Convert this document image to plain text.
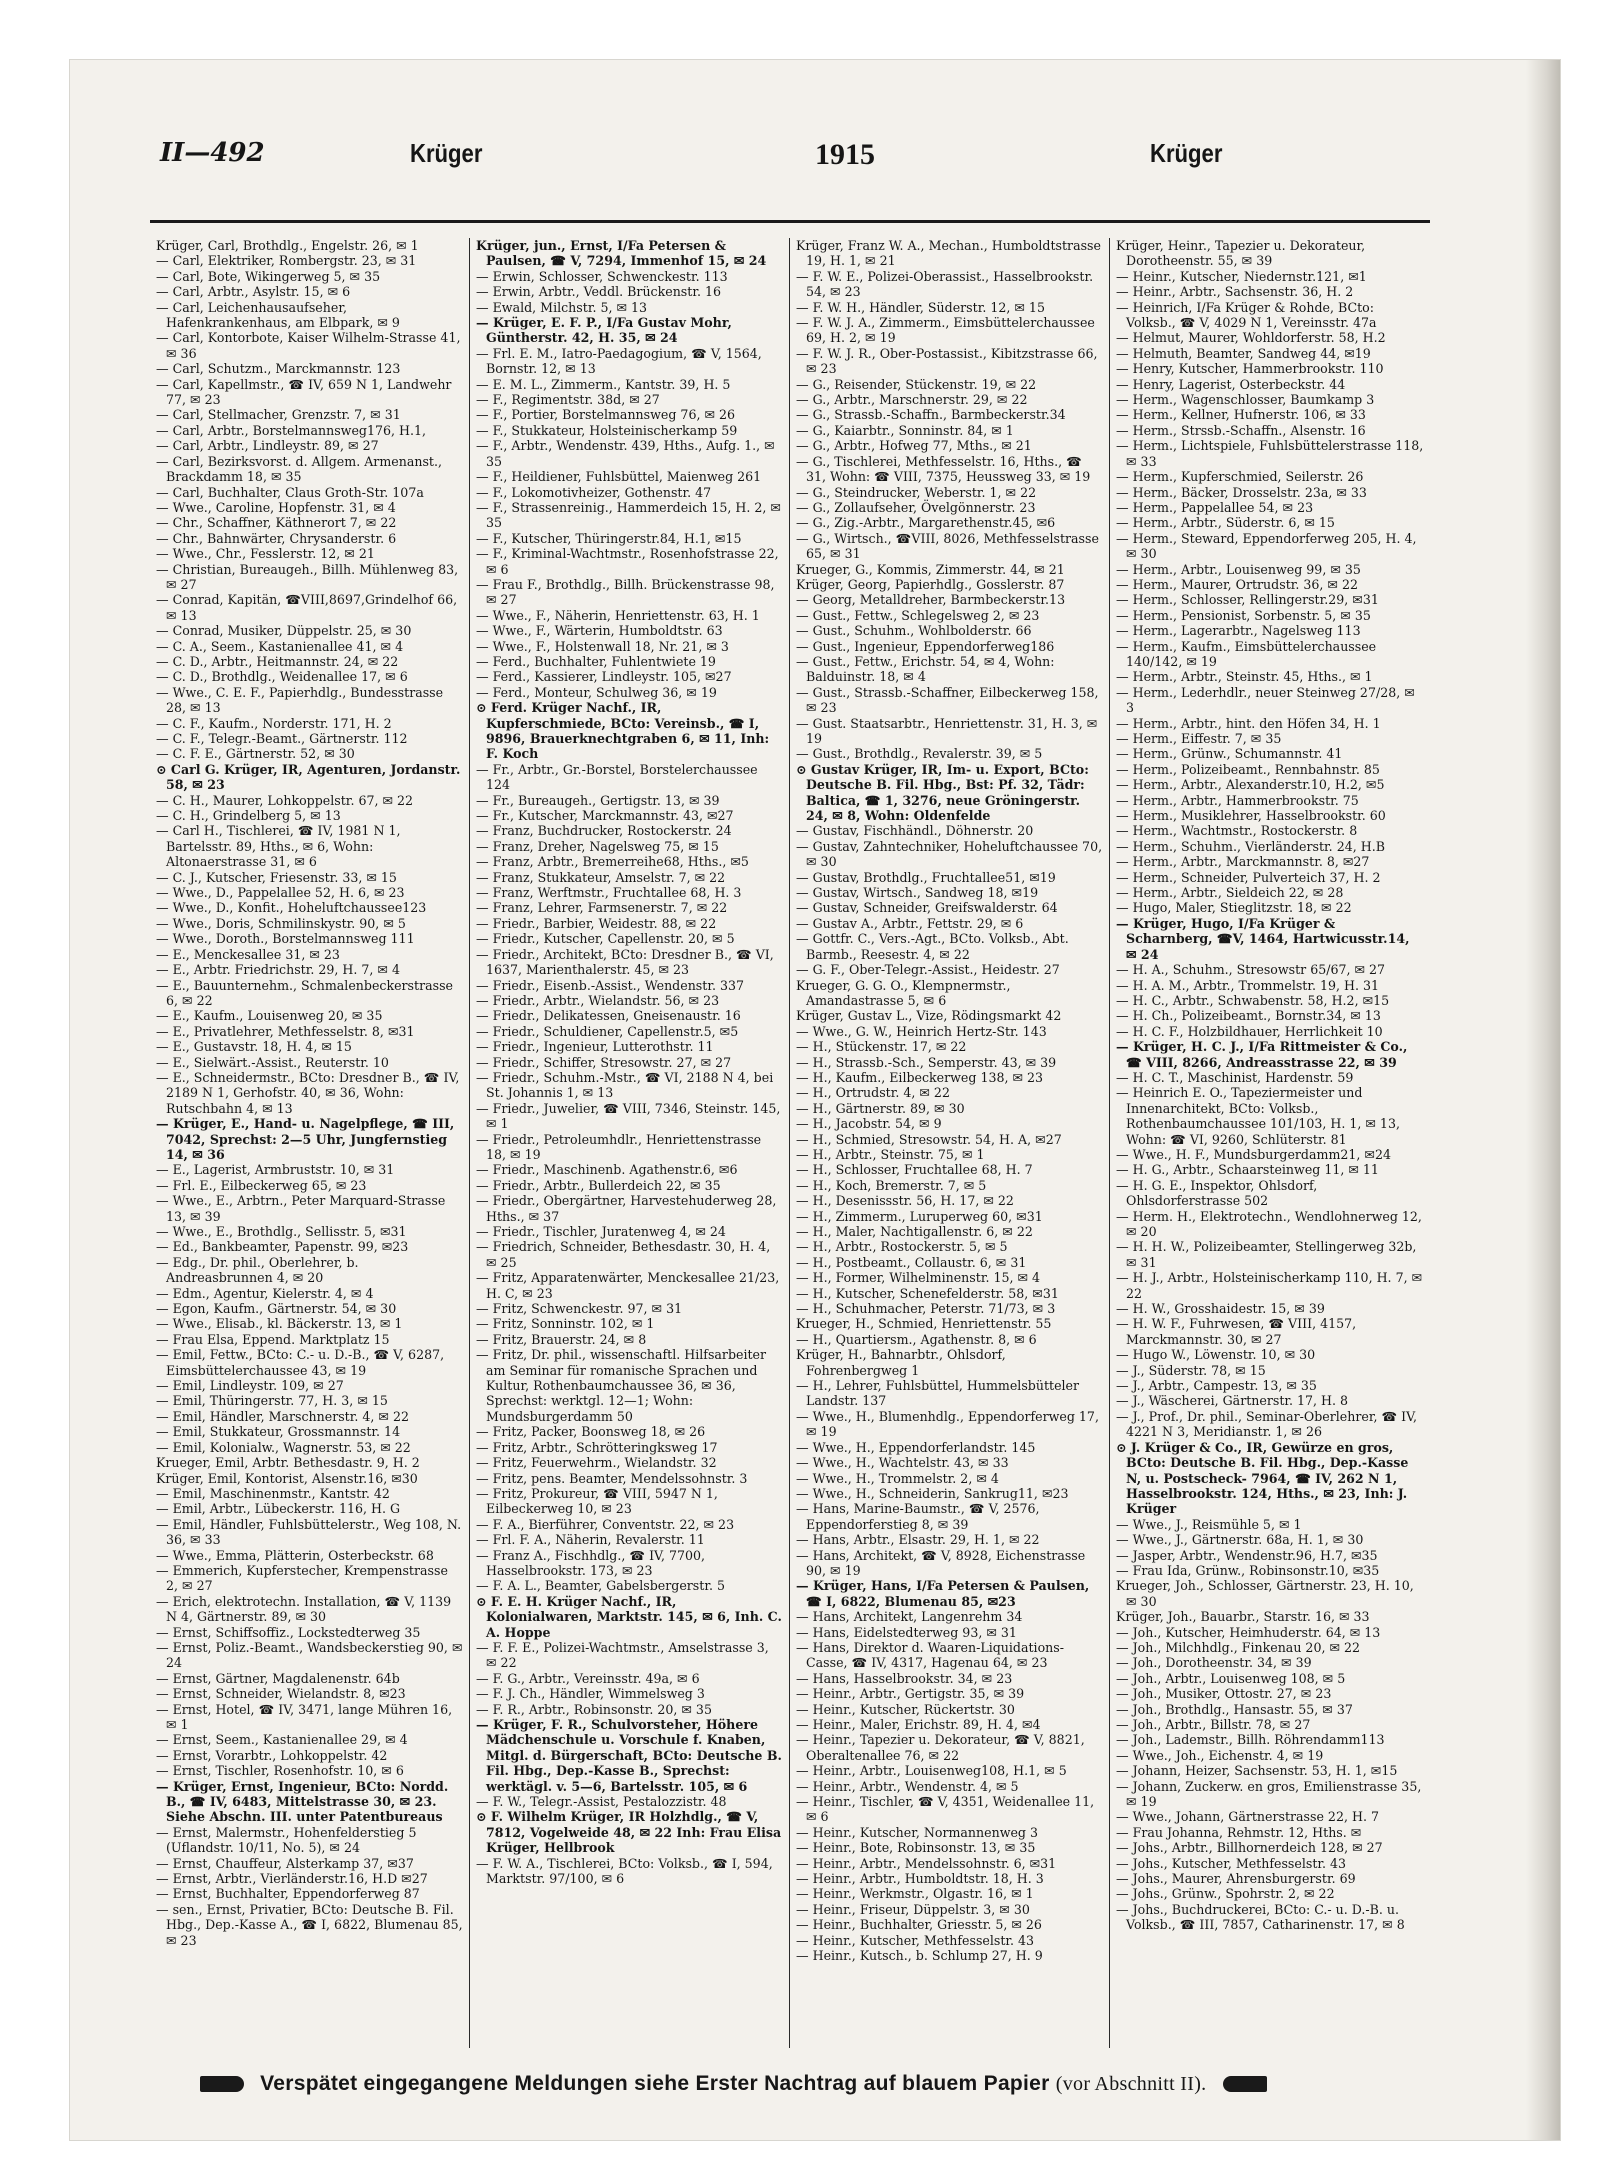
II—492	Krüger	1915	Krüger

Krüger, Carl, Brothdlg., Engelstr. 26, ✉ 1

— Carl, Elektriker, Rombergstr. 23, ✉ 31

— Carl, Bote, Wikingerweg 5, ✉ 35

— Carl, Arbtr., Asylstr. 15, ✉ 6

— Carl, Leichenhausaufseher, Hafenkrankenhaus, am Elbpark, ✉ 9

— Carl, Kontorbote, Kaiser Wilhelm-Strasse 41, ✉ 36

— Carl, Schutzm., Marckmannstr. 123

— Carl, Kapellmstr., ☎ IV, 659 N 1, Landwehr 77, ✉ 23

— Carl, Stellmacher, Grenzstr. 7, ✉ 31

— Carl, Arbtr., Borstelmannsweg176, H.1,

— Carl, Arbtr., Lindleystr. 89, ✉ 27

— Carl, Bezirksvorst. d. Allgem. Armenanst., Brackdamm 18, ✉ 35

— Carl, Buchhalter, Claus Groth-Str. 107a

— Wwe., Caroline, Hopfenstr. 31, ✉ 4

— Chr., Schaffner, Käthnerort 7, ✉ 22

— Chr., Bahnwärter, Chrysanderstr. 6

— Wwe., Chr., Fesslerstr. 12, ✉ 21

— Christian, Bureaugeh., Billh. Mühlenweg 83, ✉ 27

— Conrad, Kapitän, ☎VIII,8697,Grindelhof 66, ✉ 13

— Conrad, Musiker, Düppelstr. 25, ✉ 30

— C. A., Seem., Kastanienallee 41, ✉ 4

— C. D., Arbtr., Heitmannstr. 24, ✉ 22

— C. D., Brothdlg., Weidenallee 17, ✉ 6

— Wwe., C. E. F., Papierhdlg., Bundesstrasse 28, ✉ 13

— C. F., Kaufm., Norderstr. 171, H. 2

— C. F., Telegr.-Beamt., Gärtnerstr. 112

— C. F. E., Gärtnerstr. 52, ✉ 30

⊙ Carl G. Krüger, IR, Agenturen, Jordanstr. 58, ✉ 23

— C. H., Maurer, Lohkoppelstr. 67, ✉ 22

— C. H., Grindelberg 5, ✉ 13

— Carl H., Tischlerei, ☎ IV, 1981 N 1, Bartelsstr. 89, Hths., ✉ 6, Wohn: Altonaerstrasse 31, ✉ 6

— C. J., Kutscher, Friesenstr. 33, ✉ 15

— Wwe., D., Pappelallee 52, H. 6, ✉ 23

— Wwe., D., Konfit., Hoheluftchaussee123

— Wwe., Doris, Schmilinskystr. 90, ✉ 5

— Wwe., Doroth., Borstelmannsweg 111

— E., Menckesallee 31, ✉ 23

— E., Arbtr. Friedrichstr. 29, H. 7, ✉ 4

— E., Bauunternehm., Schmalenbeckerstrasse 6, ✉ 22

— E., Kaufm., Louisenweg 20, ✉ 35

— E., Privatlehrer, Methfesselstr. 8, ✉31

— E., Gustavstr. 18, H. 4, ✉ 15

— E., Sielwärt.-Assist., Reuterstr. 10

— E., Schneidermstr., BCto: Dresdner B., ☎ IV, 2189 N 1, Gerhofstr. 40, ✉ 36, Wohn: Rutschbahn 4, ✉ 13

— Krüger, E., Hand- u. Nagelpflege, ☎ III, 7042, Sprechst: 2—5 Uhr, Jungfernstieg 14, ✉ 36

— E., Lagerist, Armbruststr. 10, ✉ 31

— Frl. E., Eilbeckerweg 65, ✉ 23

— Wwe., E., Arbtrn., Peter Marquard-Strasse 13, ✉ 39

— Wwe., E., Brothdlg., Sellisstr. 5, ✉31

— Ed., Bankbeamter, Papenstr. 99, ✉23

— Edg., Dr. phil., Oberlehrer, b. Andreasbrunnen 4, ✉ 20

— Edm., Agentur, Kielerstr. 4, ✉ 4

— Egon, Kaufm., Gärtnerstr. 54, ✉ 30

— Wwe., Elisab., kl. Bäckerstr. 13, ✉ 1

— Frau Elsa, Eppend. Marktplatz 15

— Emil, Fettw., BCto: C.- u. D.-B., ☎ V, 6287, Eimsbüttelerchaussee 43, ✉ 19

— Emil, Lindleystr. 109, ✉ 27

— Emil, Thüringerstr. 77, H. 3, ✉ 15

— Emil, Händler, Marschnerstr. 4, ✉ 22

— Emil, Stukkateur, Grossmannstr. 14

— Emil, Kolonialw., Wagnerstr. 53, ✉ 22

Krueger, Emil, Arbtr. Bethesdastr. 9, H. 2

Krüger, Emil, Kontorist, Alsenstr.16, ✉30

— Emil, Maschinenmstr., Kantstr. 42

— Emil, Arbtr., Lübeckerstr. 116, H. G

— Emil, Händler, Fuhlsbüttelerstr., Weg 108, N. 36, ✉ 33

— Wwe., Emma, Plätterin, Osterbeckstr. 68

— Emmerich, Kupferstecher, Krempenstrasse 2, ✉ 27

— Erich, elektrotechn. Installation, ☎ V, 1139 N 4, Gärtnerstr. 89, ✉ 30

— Ernst, Schiffsoffiz., Lockstedterweg 35

— Ernst, Poliz.-Beamt., Wandsbeckerstieg 90, ✉ 24

— Ernst, Gärtner, Magdalenenstr. 64b

— Ernst, Schneider, Wielandstr. 8, ✉23

— Ernst, Hotel, ☎ IV, 3471, lange Mühren 16, ✉ 1

— Ernst, Seem., Kastanienallee 29, ✉ 4

— Ernst, Vorarbtr., Lohkoppelstr. 42

— Ernst, Tischler, Rosenhofstr. 10, ✉ 6

— Krüger, Ernst, Ingenieur, BCto: Nordd. B., ☎ IV, 6483, Mittelstrasse 30, ✉ 23. Siehe Abschn. III. unter Patentbureaus

— Ernst, Malermstr., Hohenfelderstieg 5 (Uflandstr. 10/11, No. 5), ✉ 24

— Ernst, Chauffeur, Alsterkamp 37, ✉37

— Ernst, Arbtr., Vierländerstr.16, H.D ✉27

— Ernst, Buchhalter, Eppendorferweg 87

— sen., Ernst, Privatier, BCto: Deutsche B. Fil. Hbg., Dep.-Kasse A., ☎ I, 6822, Blumenau 85, ✉ 23

Krüger, jun., Ernst, I/Fa Petersen & Paulsen, ☎ V, 7294, Immenhof 15, ✉ 24

— Erwin, Schlosser, Schwenckestr. 113

— Erwin, Arbtr., Veddl. Brückenstr. 16

— Ewald, Milchstr. 5, ✉ 13

— Krüger, E. F. P., I/Fa Gustav Mohr, Güntherstr. 42, H. 35, ✉ 24

— Frl. E. M., Iatro-Paedagogium, ☎ V, 1564, Bornstr. 12, ✉ 13

— E. M. L., Zimmerm., Kantstr. 39, H. 5

— F., Regimentstr. 38d, ✉ 27

— F., Portier, Borstelmannsweg 76, ✉ 26

— F., Stukkateur, Holsteinischerkamp 59

— F., Arbtr., Wendenstr. 439, Hths., Aufg. 1., ✉ 35

— F., Heildiener, Fuhlsbüttel, Maienweg 261

— F., Lokomotivheizer, Gothenstr. 47

— F., Strassenreinig., Hammerdeich 15, H. 2, ✉ 35

— F., Kutscher, Thüringerstr.84, H.1, ✉15

— F., Kriminal-Wachtmstr., Rosenhofstrasse 22, ✉ 6

— Frau F., Brothdlg., Billh. Brückenstrasse 98, ✉ 27

— Wwe., F., Näherin, Henriettenstr. 63, H. 1

— Wwe., F., Wärterin, Humboldtstr. 63

— Wwe., F., Holstenwall 18, Nr. 21, ✉ 3

— Ferd., Buchhalter, Fuhlentwiete 19

— Ferd., Kassierer, Lindleystr. 105, ✉27

— Ferd., Monteur, Schulweg 36, ✉ 19

⊙ Ferd. Krüger Nachf., IR, Kupferschmiede, BCto: Vereinsb., ☎ I, 9896, Brauerknechtgraben 6, ✉ 11, Inh: F. Koch

— Fr., Arbtr., Gr.-Borstel, Borstelerchaussee 124

— Fr., Bureaugeh., Gertigstr. 13, ✉ 39

— Fr., Kutscher, Marckmannstr. 43, ✉27

— Franz, Buchdrucker, Rostockerstr. 24

— Franz, Dreher, Nagelsweg 75, ✉ 15

— Franz, Arbtr., Bremerreihe68, Hths., ✉5

— Franz, Stukkateur, Amselstr. 7, ✉ 22

— Franz, Werftmstr., Fruchtallee 68, H. 3

— Franz, Lehrer, Farmsenerstr. 7, ✉ 22

— Friedr., Barbier, Weidestr. 88, ✉ 22

— Friedr., Kutscher, Capellenstr. 20, ✉ 5

— Friedr., Architekt, BCto: Dresdner B., ☎ VI, 1637, Marienthalerstr. 45, ✉ 23

— Friedr., Eisenb.-Assist., Wendenstr. 337

— Friedr., Arbtr., Wielandstr. 56, ✉ 23

— Friedr., Delikatessen, Gneisenaustr. 16

— Friedr., Schuldiener, Capellenstr.5, ✉5

— Friedr., Ingenieur, Lutterothstr. 11

— Friedr., Schiffer, Stresowstr. 27, ✉ 27

— Friedr., Schuhm.-Mstr., ☎ VI, 2188 N 4, bei St. Johannis 1, ✉ 13

— Friedr., Juwelier, ☎ VIII, 7346, Steinstr. 145, ✉ 1

— Friedr., Petroleumhdlr., Henriettenstrasse 18, ✉ 19

— Friedr., Maschinenb. Agathenstr.6, ✉6

— Friedr., Arbtr., Bullerdeich 22, ✉ 35

— Friedr., Obergärtner, Harvestehuderweg 28, Hths., ✉ 37

— Friedr., Tischler, Juratenweg 4, ✉ 24

— Friedrich, Schneider, Bethesdastr. 30, H. 4, ✉ 25

— Fritz, Apparatenwärter, Menckesallee 21/23, H. C, ✉ 23

— Fritz, Schwenckestr. 97, ✉ 31

— Fritz, Sonninstr. 102, ✉ 1

— Fritz, Brauerstr. 24, ✉ 8

— Fritz, Dr. phil., wissenschaftl. Hilfsarbeiter am Seminar für romanische Sprachen und Kultur, Rothenbaumchaussee 36, ✉ 36, Sprechst: werktgl. 12—1; Wohn: Mundsburgerdamm 50

— Fritz, Packer, Boonsweg 18, ✉ 26

— Fritz, Arbtr., Schrötteringksweg 17

— Fritz, Feuerwehrm., Wielandstr. 32

— Fritz, pens. Beamter, Mendelssohnstr. 3

— Fritz, Prokureur, ☎ VIII, 5947 N 1, Eilbeckerweg 10, ✉ 23

— F. A., Bierführer, Conventstr. 22, ✉ 23

— Frl. F. A., Näherin, Revalerstr. 11

— Franz A., Fischhdlg., ☎ IV, 7700, Hasselbrookstr. 173, ✉ 23

— F. A. L., Beamter, Gabelsbergerstr. 5

⊙ F. E. H. Krüger Nachf., IR, Kolonialwaren, Marktstr. 145, ✉ 6, Inh. C. A. Hoppe

— F. F. E., Polizei-Wachtmstr., Amselstrasse 3, ✉ 22

— F. G., Arbtr., Vereinsstr. 49a, ✉ 6

— F. J. Ch., Händler, Wimmelsweg 3

— F. R., Arbtr., Robinsonstr. 20, ✉ 35

— Krüger, F. R., Schulvorsteher, Höhere Mädchenschule u. Vorschule f. Knaben, Mitgl. d. Bürgerschaft, BCto: Deutsche B. Fil. Hbg., Dep.-Kasse B., Sprechst: werktägl. v. 5—6, Bartelsstr. 105, ✉ 6

— F. W., Telegr.-Assist, Pestalozzistr. 48

⊙ F. Wilhelm Krüger, IR Holzhdlg., ☎ V, 7812, Vogelweide 48, ✉ 22 Inh: Frau Elisa Krüger, Hellbrook

— F. W. A., Tischlerei, BCto: Volksb., ☎ I, 594, Marktstr. 97/100, ✉ 6

Krüger, Franz W. A., Mechan., Humboldtstrasse 19, H. 1, ✉ 21

— F. W. E., Polizei-Oberassist., Hasselbrookstr. 54, ✉ 23

— F. W. H., Händler, Süderstr. 12, ✉ 15

— F. W. J. A., Zimmerm., Eimsbüttelerchaussee 69, H. 2, ✉ 19

— F. W. J. R., Ober-Postassist., Kibitzstrasse 66, ✉ 23

— G., Reisender, Stückenstr. 19, ✉ 22

— G., Arbtr., Marschnerstr. 29, ✉ 22

— G., Strassb.-Schaffn., Barmbeckerstr.34

— G., Kaiarbtr., Sonninstr. 84, ✉ 1

— G., Arbtr., Hofweg 77, Mths., ✉ 21

— G., Tischlerei, Methfesselstr. 16, Hths., ☎ 31, Wohn: ☎ VIII, 7375, Heussweg 33, ✉ 19

— G., Steindrucker, Weberstr. 1, ✉ 22

— G., Zollaufseher, Övelgönnerstr. 23

— G., Zig.-Arbtr., Margarethenstr.45, ✉6

— G., Wirtsch., ☎VIII, 8026, Methfesselstrasse 65, ✉ 31

Krueger, G., Kommis, Zimmerstr. 44, ✉ 21

Krüger, Georg, Papierhdlg., Gosslerstr. 87

— Georg, Metalldreher, Barmbeckerstr.13

— Gust., Fettw., Schlegelsweg 2, ✉ 23

— Gust., Schuhm., Wohlbolderstr. 66

— Gust., Ingenieur, Eppendorferweg186

— Gust., Fettw., Erichstr. 54, ✉ 4, Wohn: Balduinstr. 18, ✉ 4

— Gust., Strassb.-Schaffner, Eilbeckerweg 158, ✉ 23

— Gust. Staatsarbtr., Henriettenstr. 31, H. 3, ✉ 19

— Gust., Brothdlg., Revalerstr. 39, ✉ 5

⊙ Gustav Krüger, IR, Im- u. Export, BCto: Deutsche B. Fil. Hbg., Bst: Pf. 32, Tädr: Baltica, ☎ 1, 3276, neue Gröningerstr. 24, ✉ 8, Wohn: Oldenfelde

— Gustav, Fischhändl., Döhnerstr. 20

— Gustav, Zahntechniker, Hoheluftchaussee 70, ✉ 30

— Gustav, Brothdlg., Fruchtallee51, ✉19

— Gustav, Wirtsch., Sandweg 18, ✉19

— Gustav, Schneider, Greifswalderstr. 64

— Gustav A., Arbtr., Fettstr. 29, ✉ 6

— Gottfr. C., Vers.-Agt., BCto. Volksb., Abt. Barmb., Reesestr. 4, ✉ 22

— G. F., Ober-Telegr.-Assist., Heidestr. 27

Krueger, G. G. O., Klempnermstr., Amandastrasse 5, ✉ 6

Krüger, Gustav L., Vize, Rödingsmarkt 42

— Wwe., G. W., Heinrich Hertz-Str. 143

— H., Stückenstr. 17, ✉ 22

— H., Strassb.-Sch., Semperstr. 43, ✉ 39

— H., Kaufm., Eilbeckerweg 138, ✉ 23

— H., Ortrudstr. 4, ✉ 22

— H., Gärtnerstr. 89, ✉ 30

— H., Jacobstr. 54, ✉ 9

— H., Schmied, Stresowstr. 54, H. A, ✉27

— H., Arbtr., Steinstr. 75, ✉ 1

— H., Schlosser, Fruchtallee 68, H. 7

— H., Koch, Bremerstr. 7, ✉ 5

— H., Desenissstr. 56, H. 17, ✉ 22

— H., Zimmerm., Luruperweg 60, ✉31

— H., Maler, Nachtigallenstr. 6, ✉ 22

— H., Arbtr., Rostockerstr. 5, ✉ 5

— H., Postbeamt., Collaustr. 6, ✉ 31

— H., Former, Wilhelminenstr. 15, ✉ 4

— H., Kutscher, Schenefelderstr. 58, ✉31

— H., Schuhmacher, Peterstr. 71/73, ✉ 3

Krueger, H., Schmied, Henriettenstr. 55

— H., Quartiersm., Agathenstr. 8, ✉ 6

Krüger, H., Bahnarbtr., Ohlsdorf, Fohrenbergweg 1

— H., Lehrer, Fuhlsbüttel, Hummelsbütteler Landstr. 137

— Wwe., H., Blumenhdlg., Eppendorferweg 17, ✉ 19

— Wwe., H., Eppendorferlandstr. 145

— Wwe., H., Wachtelstr. 43, ✉ 33

— Wwe., H., Trommelstr. 2, ✉ 4

— Wwe., H., Schneiderin, Sankrug11, ✉23

— Hans, Marine-Baumstr., ☎ V, 2576, Eppendorferstieg 8, ✉ 39

— Hans, Arbtr., Elsastr. 29, H. 1, ✉ 22

— Hans, Architekt, ☎ V, 8928, Eichenstrasse 90, ✉ 19

— Krüger, Hans, I/Fa Petersen & Paulsen, ☎ I, 6822, Blumenau 85, ✉23

— Hans, Architekt, Langenrehm 34

— Hans, Eidelstedterweg 93, ✉ 31

— Hans, Direktor d. Waaren-Liquidations-Casse, ☎ IV, 4317, Hagenau 64, ✉ 23

— Hans, Hasselbrookstr. 34, ✉ 23

— Heinr., Arbtr., Gertigstr. 35, ✉ 39

— Heinr., Kutscher, Rückertstr. 30

— Heinr., Maler, Erichstr. 89, H. 4, ✉4

— Heinr., Tapezier u. Dekorateur, ☎ V, 8821, Oberaltenallee 76, ✉ 22

— Heinr., Arbtr., Louisenweg108, H.1, ✉ 5

— Heinr., Arbtr., Wendenstr. 4, ✉ 5

— Heinr., Tischler, ☎ V, 4351, Weidenallee 11, ✉ 6

— Heinr., Kutscher, Normannenweg 3

— Heinr., Bote, Robinsonstr. 13, ✉ 35

— Heinr., Arbtr., Mendelssohnstr. 6, ✉31

— Heinr., Arbtr., Humboldtstr. 18, H. 3

— Heinr., Werkmstr., Olgastr. 16, ✉ 1

— Heinr., Friseur, Düppelstr. 3, ✉ 30

— Heinr., Buchhalter, Griesstr. 5, ✉ 26

— Heinr., Kutscher, Methfesselstr. 43

— Heinr., Kutsch., b. Schlump 27, H. 9

Krüger, Heinr., Tapezier u. Dekorateur, Dorotheenstr. 55, ✉ 39

— Heinr., Kutscher, Niedernstr.121, ✉1

— Heinr., Arbtr., Sachsenstr. 36, H. 2

— Heinrich, I/Fa Krüger & Rohde, BCto: Volksb., ☎ V, 4029 N 1, Vereinsstr. 47a

— Helmut, Maurer, Wohldorferstr. 58, H.2

— Helmuth, Beamter, Sandweg 44, ✉19

— Henry, Kutscher, Hammerbrookstr. 110

— Henry, Lagerist, Osterbeckstr. 44

— Herm., Wagenschlosser, Baumkamp 3

— Herm., Kellner, Hufnerstr. 106, ✉ 33

— Herm., Strssb.-Schaffn., Alsenstr. 16

— Herm., Lichtspiele, Fuhlsbüttelerstrasse 118, ✉ 33

— Herm., Kupferschmied, Seilerstr. 26

— Herm., Bäcker, Drosselstr. 23a, ✉ 33

— Herm., Pappelallee 54, ✉ 23

— Herm., Arbtr., Süderstr. 6, ✉ 15

— Herm., Steward, Eppendorferweg 205, H. 4, ✉ 30

— Herm., Arbtr., Louisenweg 99, ✉ 35

— Herm., Maurer, Ortrudstr. 36, ✉ 22

— Herm., Schlosser, Rellingerstr.29, ✉31

— Herm., Pensionist, Sorbenstr. 5, ✉ 35

— Herm., Lagerarbtr., Nagelsweg 113

— Herm., Kaufm., Eimsbüttelerchaussee 140/142, ✉ 19

— Herm., Arbtr., Steinstr. 45, Hths., ✉ 1

— Herm., Lederhdlr., neuer Steinweg 27/28, ✉ 3

— Herm., Arbtr., hint. den Höfen 34, H. 1

— Herm., Eiffestr. 7, ✉ 35

— Herm., Grünw., Schumannstr. 41

— Herm., Polizeibeamt., Rennbahnstr. 85

— Herm., Arbtr., Alexanderstr.10, H.2, ✉5

— Herm., Arbtr., Hammerbrookstr. 75

— Herm., Musiklehrer, Hasselbrookstr. 60

— Herm., Wachtmstr., Rostockerstr. 8

— Herm., Schuhm., Vierländerstr. 24, H.B

— Herm., Arbtr., Marckmannstr. 8, ✉27

— Herm., Schneider, Pulverteich 37, H. 2

— Herm., Arbtr., Sieldeich 22, ✉ 28

— Hugo, Maler, Stieglitzstr. 18, ✉ 22

— Krüger, Hugo, I/Fa Krüger & Scharnberg, ☎V, 1464, Hartwicusstr.14, ✉ 24

— H. A., Schuhm., Stresowstr 65/67, ✉ 27

— H. A. M., Arbtr., Trommelstr. 19, H. 31

— H. C., Arbtr., Schwabenstr. 58, H.2, ✉15

— H. Ch., Polizeibeamt., Bornstr.34, ✉ 13

— H. C. F., Holzbildhauer, Herrlichkeit 10

— Krüger, H. C. J., I/Fa Rittmeister & Co., ☎ VIII, 8266, Andreasstrasse 22, ✉ 39

— H. C. T., Maschinist, Hardenstr. 59

— Heinrich E. O., Tapeziermeister und Innenarchitekt, BCto: Volksb., Rothenbaumchaussee 101/103, H. 1, ✉ 13, Wohn: ☎ VI, 9260, Schlüterstr. 81

— Wwe., H. F., Mundsburgerdamm21, ✉24

— H. G., Arbtr., Schaarsteinweg 11, ✉ 11

— H. G. E., Inspektor, Ohlsdorf, Ohlsdorferstrasse 502

— Herm. H., Elektrotechn., Wendlohnerweg 12, ✉ 20

— H. H. W., Polizeibeamter, Stellingerweg 32b, ✉ 31

— H. J., Arbtr., Holsteinischerkamp 110, H. 7, ✉ 22

— H. W., Grosshaidestr. 15, ✉ 39

— H. W. F., Fuhrwesen, ☎ VIII, 4157, Marckmannstr. 30, ✉ 27

— Hugo W., Löwenstr. 10, ✉ 30

— J., Süderstr. 78, ✉ 15

— J., Arbtr., Campestr. 13, ✉ 35

— J., Wäscherei, Gärtnerstr. 17, H. 8

— J., Prof., Dr. phil., Seminar-Oberlehrer, ☎ IV, 4221 N 3, Meridianstr. 1, ✉ 26

⊙ J. Krüger & Co., IR, Gewürze en gros, BCto: Deutsche B. Fil. Hbg., Dep.-Kasse N, u. Postscheck- 7964, ☎ IV, 262 N 1, Hasselbrookstr. 124, Hths., ✉ 23, Inh: J. Krüger

— Wwe., J., Reismühle 5, ✉ 1

— Wwe., J., Gärtnerstr. 68a, H. 1, ✉ 30

— Jasper, Arbtr., Wendenstr.96, H.7, ✉35

— Frau Ida, Grünw., Robinsonstr.10, ✉35

Krueger, Joh., Schlosser, Gärtnerstr. 23, H. 10, ✉ 30

Krüger, Joh., Bauarbr., Starstr. 16, ✉ 33

— Joh., Kutscher, Heimhuderstr. 64, ✉ 13

— Joh., Milchhdlg., Finkenau 20, ✉ 22

— Joh., Dorotheenstr. 34, ✉ 39

— Joh., Arbtr., Louisenweg 108, ✉ 5

— Joh., Musiker, Ottostr. 27, ✉ 23

— Joh., Brothdlg., Hansastr. 55, ✉ 37

— Joh., Arbtr., Billstr. 78, ✉ 27

— Joh., Lademstr., Billh. Röhrendamm113

— Wwe., Joh., Eichenstr. 4, ✉ 19

— Johann, Heizer, Sachsenstr. 53, H. 1, ✉15

— Johann, Zuckerw. en gros, Emilienstrasse 35, ✉ 19

— Wwe., Johann, Gärtnerstrasse 22, H. 7

— Frau Johanna, Rehmstr. 12, Hths. ✉

— Johs., Arbtr., Billhornerdeich 128, ✉ 27

— Johs., Kutscher, Methfesselstr. 43

— Johs., Maurer, Ahrensburgerstr. 69

— Johs., Grünw., Spohrstr. 2, ✉ 22

— Johs., Buchdruckerei, BCto: C.- u. D.-B. u. Volksb., ☎ III, 7857, Catharinenstr. 17, ✉ 8

Verspätet eingegangene Meldungen siehe Erster Nachtrag auf blauem Papier (vor Abschnitt II).
